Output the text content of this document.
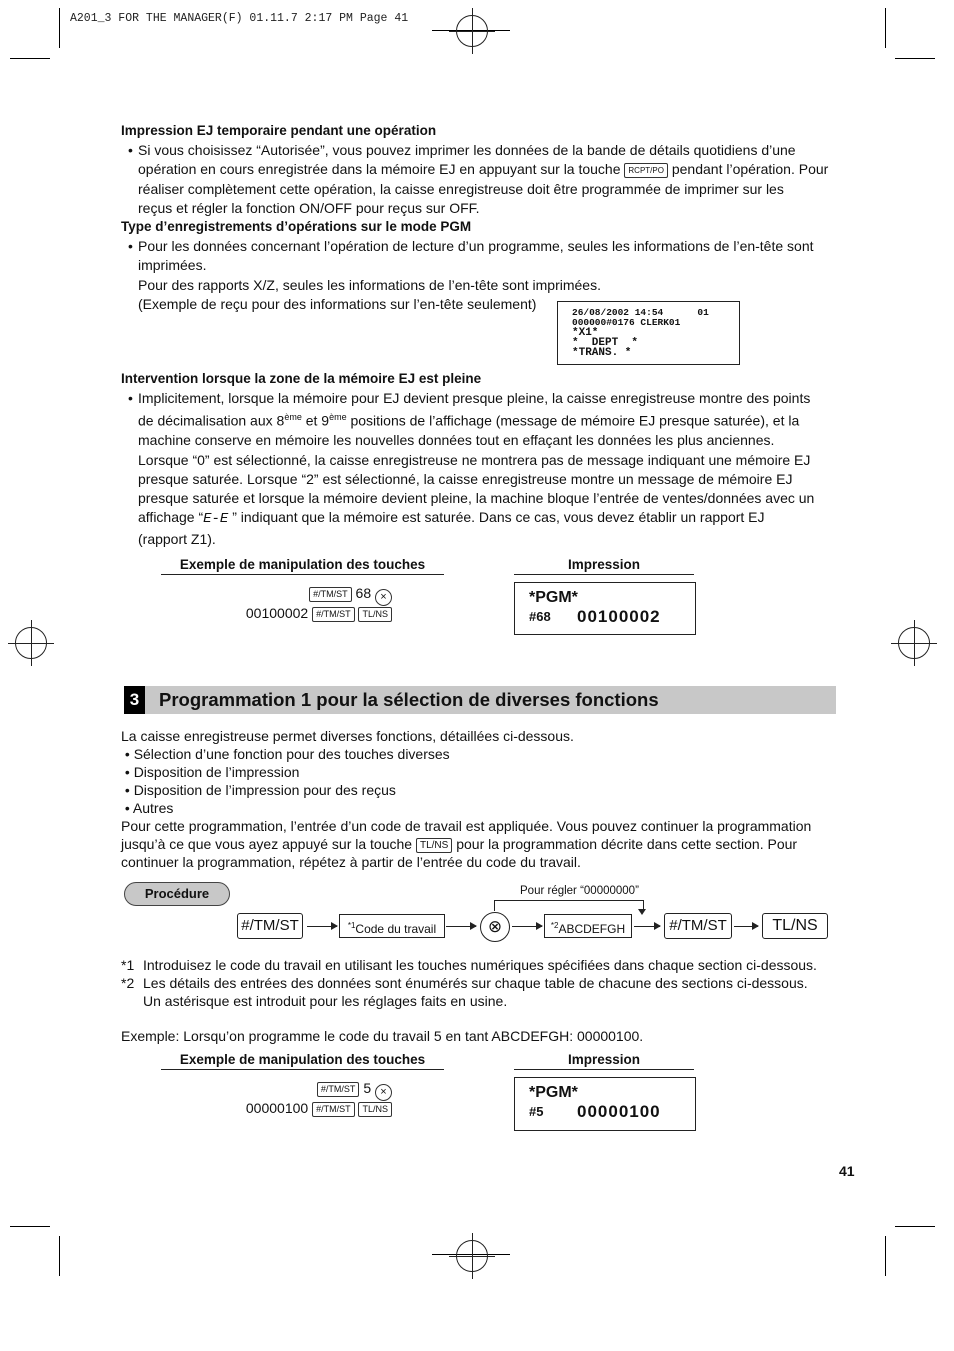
A201_3 FOR THE MANAGER(F) 01.11.7 2:17 PM Page 41
Impression EJ temporaire pendant une opération
• Si vous choisissez “Autorisée”, vous pouvez imprimer les données de la bande de détails quotidiens d’une
opération en cours enregistrée dans la mémoire EJ en appuyant sur la touche RCPT/PO pendant l’opération. Pour
réaliser complètement cette opération, la caisse enregistreuse doit être programmée de imprimer sur les
reçus et régler la fonction ON/OFF pour reçus sur OFF.
Type d’enregistrements d’opérations sur le mode PGM
• Pour les données concernant l’opération de lecture d’un programme, seules les informations de l’en-tête sont
imprimées.
Pour des rapports X/Z, seules les informations de l’en-tête sont imprimées.
(Exemple de reçu pour des informations sur l’en-tête seulement)
26/08/2002 14:54      01
000000#0176 CLERK01
*X1*
*  DEPT  *
*TRANS. *
Intervention lorsque la zone de la mémoire EJ est pleine
• Implicitement, lorsque la mémoire pour EJ devient presque pleine, la caisse enregistreuse montre des points
de décimalisation aux 8ème et 9ème positions de l’affichage (message de mémoire EJ presque saturée), et la
machine conserve en mémoire les nouvelles données tout en effaçant les données les plus anciennes.
Lorsque “0” est sélectionné, la caisse enregistreuse ne montrera pas de message indiquant une mémoire EJ
presque saturée. Lorsque “2” est sélectionné, la caisse enregistreuse montre un message de mémoire EJ
presque saturée et lorsque la mémoire devient pleine, la machine bloque l’entrée de ventes/données avec un
affichage “E-E ” indiquant que la mémoire est saturée. Dans ce cas, vous devez établir un rapport EJ
(rapport Z1).
Exemple de manipulation des touches	Impression
#/TM/ST 68 ×
00100002 #/TM/ST TL/NS
*PGM*
#68 00100002
3	Programmation 1 pour la sélection de diverses fonctions
La caisse enregistreuse permet diverses fonctions, détaillées ci-dessous.
• Sélection d’une fonction pour des touches diverses
• Disposition de l’impression
• Disposition de l’impression pour des reçus
• Autres
Pour cette programmation, l’entrée d’un code de travail est appliquée. Vous pouvez continuer la programmation
jusqu’à ce que vous ayez appuyé sur la touche TL/NS pour la programmation décrite dans cette section. Pour
continuer la programmation, répétez à partir de l’entrée du code du travail.
Procédure	Pour régler “00000000”
#/TM/ST	$^{*1}$Code du travail	⊗	$^{*2}$ABCDEFGH	#/TM/ST	TL/NS
*1 Introduisez le code du travail en utilisant les touches numériques spécifiées dans chaque section ci-dessous.
*2 Les détails des entrées des données sont énumérés sur chaque table de chacune des sections ci-dessous.
Un astérisque est introduit pour les réglages faits en usine.
Exemple: Lorsqu’on programme le code du travail 5 en tant ABCDEFGH: 00000100.
Exemple de manipulation des touches	Impression
#/TM/ST 5 ×
00000100 #/TM/ST TL/NS
*PGM*
#5 00000100
41
